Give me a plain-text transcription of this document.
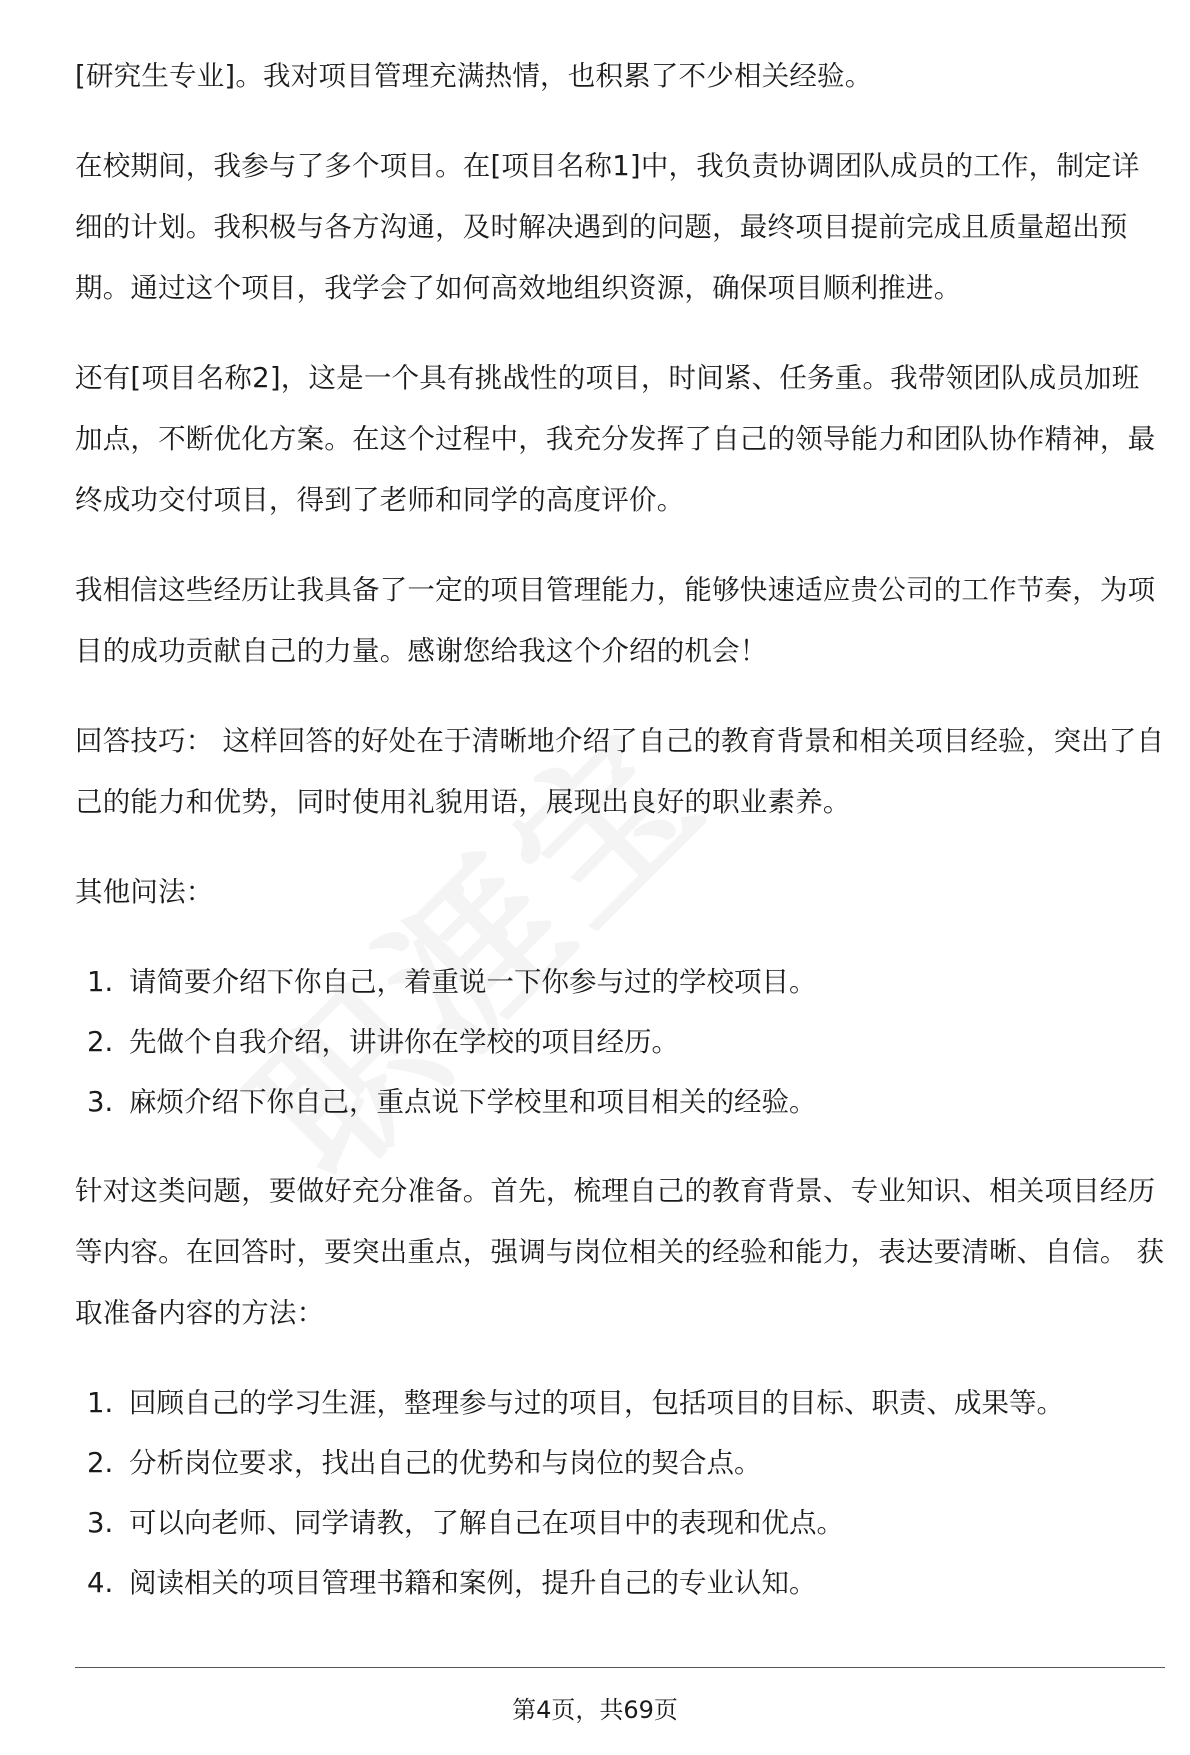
[研究生专业]。我对项目管理充满热情，也积累了不少相关经验。

在校期间，我参与了多个项目。在[项目名称1]中，我负责协调团队成员的工作，制定详细的计划。我积极与各方沟通，及时解决遇到的问题，最终项目提前完成且质量超出预期。通过这个项目，我学会了如何高效地组织资源，确保项目顺利推进。

还有[项目名称2]，这是一个具有挑战性的项目，时间紧、任务重。我带领团队成员加班加点，不断优化方案。在这个过程中，我充分发挥了自己的领导能力和团队协作精神，最终成功交付项目，得到了老师和同学的高度评价。

我相信这些经历让我具备了一定的项目管理能力，能够快速适应贵公司的工作节奏，为项目的成功贡献自己的力量。感谢您给我这个介绍的机会！

回答技巧： 这样回答的好处在于清晰地介绍了自己的教育背景和相关项目经验，突出了自己的能力和优势，同时使用礼貌用语，展现出良好的职业素养。

其他问法：

1. 请简要介绍下你自己，着重说一下你参与过的学校项目。
2. 先做个自我介绍，讲讲你在学校的项目经历。
3. 麻烦介绍下你自己，重点说下学校里和项目相关的经验。

针对这类问题，要做好充分准备。首先，梳理自己的教育背景、专业知识、相关项目经历等内容。在回答时，要突出重点，强调与岗位相关的经验和能力，表达要清晰、自信。 获取准备内容的方法：

1. 回顾自己的学习生涯，整理参与过的项目，包括项目的目标、职责、成果等。
2. 分析岗位要求，找出自己的优势和与岗位的契合点。
3. 可以向老师、同学请教，了解自己在项目中的表现和优点。
4. 阅读相关的项目管理书籍和案例，提升自己的专业认知。
第4页，共69页
